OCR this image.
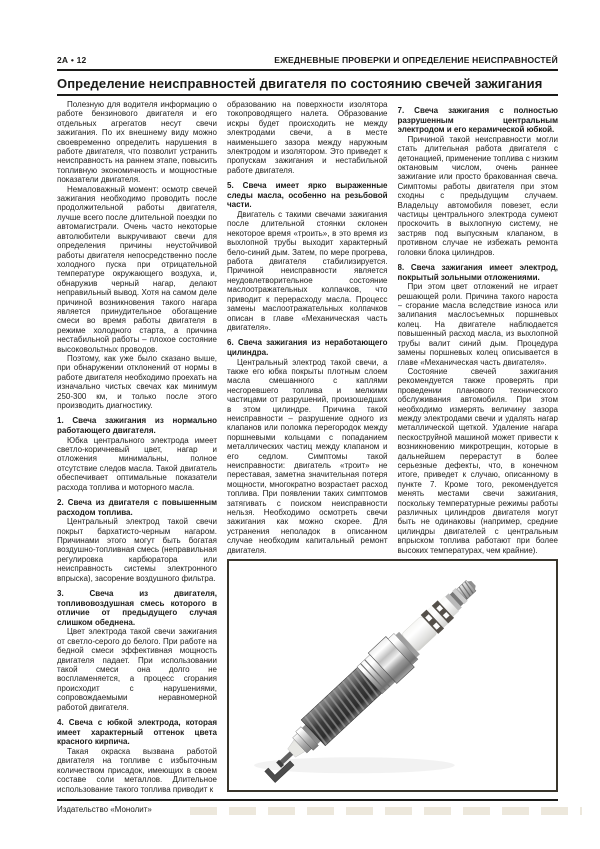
2А • 12	ЕЖЕДНЕВНЫЕ ПРОВЕРКИ И ОПРЕДЕЛЕНИЕ НЕИСПРАВНОСТЕЙ
Определение неисправностей двигателя по состоянию свечей зажигания

Полезную для водителя информацию о работе бензинового двигателя и его отдельных агрегатов несут свечи зажигания. По их внешнему виду можно своевременно определить нарушения в работе двигателя, что позволит устранить неисправность на раннем этапе, повысить топливную экономичность и мощностные показатели двигателя.

Немаловажный момент: осмотр свечей зажигания необходимо проводить после продолжительной работы двигателя, лучше всего после длительной поездки по автомагистрали. Очень часто некоторые автолюбители выкручивают свечи для определения причины неустойчивой работы двигателя непосредственно после холодного пуска при отрицательной температуре окружающего воздуха, и, обнаружив черный нагар, делают неправильный вывод. Хотя на самом деле причиной возникновения такого нагара является принудительное обогащение смеси во время работы двигателя в режиме холодного старта, а причина нестабильной работы – плохое состояние высоковольтных проводов.

Поэтому, как уже было сказано выше, при обнаружении отклонений от нормы в работе двигателя необходимо проехать на изначально чистых свечах как минимум 250-300 км, и только после этого производить диагностику.

1. Свеча зажигания из нормально работающего двигателя.

Юбка центрального электрода имеет светло-коричневый цвет, нагар и отложения минимальны, полное отсутствие следов масла. Такой двигатель обеспечивает оптимальные показатели расхода топлива и моторного масла.

2. Свеча из двигателя с повышенным расходом топлива.

Центральный электрод такой свечи покрыт бархатисто-черным нагаром. Причинами этого могут быть богатая воздушно-топливная смесь (неправильная регулировка карбюратора или неисправность системы электронного впрыска), засорение воздушного фильтра.

3. Свеча из двигателя, топливовоздушная смесь которого в отличие от предыдущего случая слишком обеднена.

Цвет электрода такой свечи зажигания от светло-серого до белого. При работе на бедной смеси эффективная мощность двигателя падает. При использовании такой смеси она долго не воспламеняется, а процесс сгорания происходит с нарушениями, сопровождаемыми неравномерной работой двигателя.

4. Свеча с юбкой электрода, которая имеет характерный оттенок цвета красного кирпича.

Такая окраска вызвана работой двигателя на топливе с избыточным количеством присадок, имеющих в своем составе соли металлов. Длительное использование такого топлива приводит к

образованию на поверхности изолятора токопроводящего налета. Образование искры будет происходить не между электродами свечи, а в месте наименьшего зазора между наружным электродом и изолятором. Это приведет к пропускам зажигания и нестабильной работе двигателя.

5. Свеча имеет ярко выраженные следы масла, особенно на резьбовой части.

Двигатель с такими свечами зажигания после длительной стоянки склонен некоторое время «троить», в это время из выхлопной трубы выходит характерный бело-синий дым. Затем, по мере прогрева, работа двигателя стабилизируется. Причиной неисправности является неудовлетворительное состояние маслоотражательных колпачков, что приводит к перерасходу масла. Процесс замены маслоотражательных колпачков описан в главе «Механическая часть двигателя».

6. Свеча зажигания из неработающего цилиндра.

Центральный электрод такой свечи, а также его юбка покрыты плотным слоем масла смешанного с каплями несгоревшего топлива и мелкими частицами от разрушений, произошедших в этом цилиндре. Причина такой неисправности – разрушение одного из клапанов или поломка перегородок между поршневыми кольцами с попаданием металлических частиц между клапаном и его седлом. Симптомы такой неисправности: двигатель «троит» не переставая, заметна значительная потеря мощности, многократно возрастает расход топлива. При появлении таких симптомов затягивать с поиском неисправности нельзя. Необходимо осмотреть свечи зажигания как можно скорее. Для устранения неполадок в описанном случае необходим капитальный ремонт двигателя.

7. Свеча зажигания с полностью разрушенным центральным электродом и его керамической юбкой.

Причиной такой неисправности могли стать длительная работа двигателя с детонацией, применение топлива с низким октановым числом, очень раннее зажигание или просто бракованная свеча. Симптомы работы двигателя при этом сходны с предыдущим случаем. Владельцу автомобиля повезет, если частицы центрального электрода сумеют проскочить в выхлопную систему, не застряв под выпускным клапаном, в противном случае не избежать ремонта головки блока цилиндров.

8. Свеча зажигания имеет электрод, покрытый зольными отложениями.

При этом цвет отложений не играет решающей роли. Причина такого нароста – сгорание масла вследствие износа или залипания маслосъемных поршневых колец. На двигателе наблюдается повышенный расход масла, из выхлопной трубы валит синий дым. Процедура замены поршневых колец описывается в главе «Механическая часть двигателя».

Состояние свечей зажигания рекомендуется также проверять при проведении планового технического обслуживания автомобиля. При этом необходимо измерять величину зазора между электродами свечи и удалять нагар металлической щеткой. Удаление нагара пескоструйной машиной может привести к возникновению микротрещин, которые в дальнейшем перерастут в более серьезные дефекты, что, в конечном итоге, приведет к случаю, описанному в пункте 7. Кроме того, рекомендуется менять местами свечи зажигания, поскольку температурные режимы работы различных цилиндров двигателя могут быть не одинаковы (например, средние цилиндры двигателей с центральным впрыском топлива работают при более высоких температурах, чем крайние).

Издательство «Монолит»
